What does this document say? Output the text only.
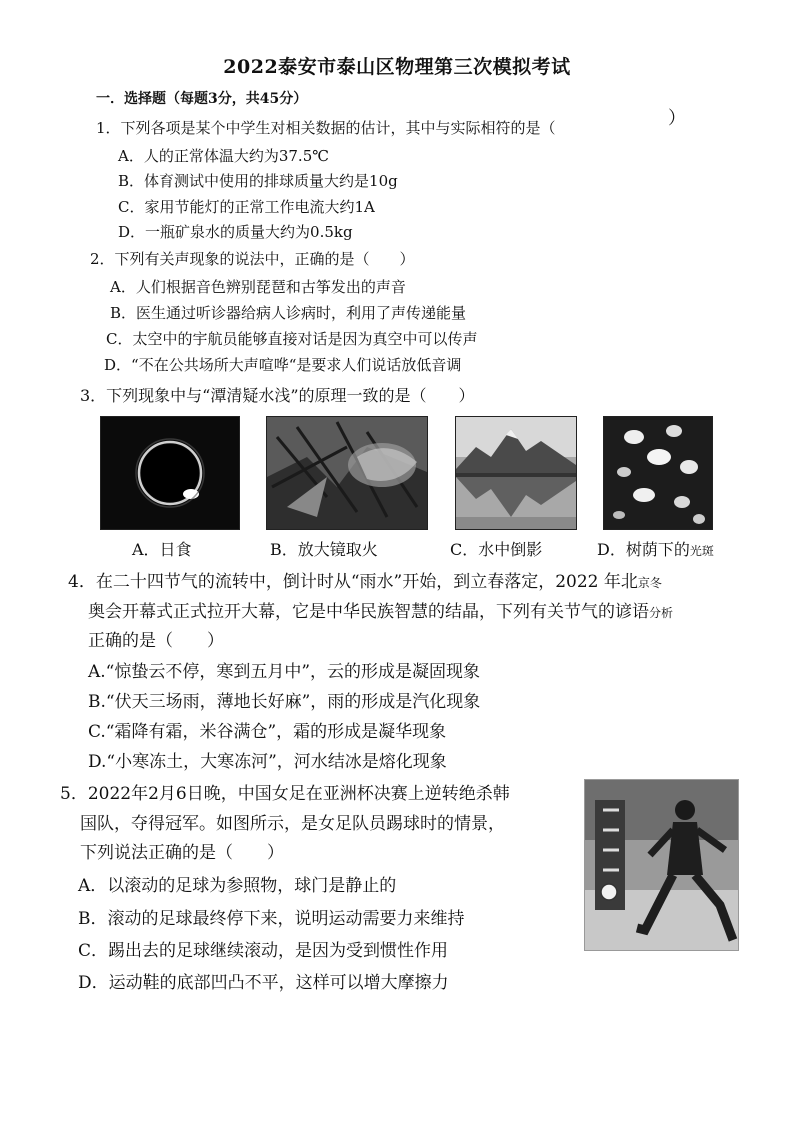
2022泰安市泰山区物理第三次模拟考试
一．选择题（每题3分，共45分）
）
1．下列各项是某个中学生对相关数据的估计，其中与实际相符的是（
A．人的正常体温大约为37.5℃
B．体育测试中使用的排球质量大约是10g
C．家用节能灯的正常工作电流大约1A
D．一瓶矿泉水的质量大约为0.5kg
2．下列有关声现象的说法中，正确的是（　　）
A．人们根据音色辨别琵琶和古筝发出的声音
B．医生通过听诊器给病人诊病时，利用了声传递能量
C．太空中的宇航员能够直接对话是因为真空中可以传声
D．“不在公共场所大声喧哗“是要求人们说话放低音调
3．下列现象中与“潭清疑水浅”的原理一致的是（　　）
A．日食	B．放大镜取火	C．水中倒影	D．树荫下的光斑
4．在二十四节气的流转中，倒计时从“雨水”开始，到立春落定，2022 年北京冬
奥会开幕式正式拉开大幕，它是中华民族智慧的结晶，下列有关节气的谚语分析
正确的是（　　）
A.“惊蛰云不停，寒到五月中”，云的形成是凝固现象
B.“伏天三场雨，薄地长好麻”，雨的形成是汽化现象
C.“霜降有霜，米谷满仓”，霜的形成是凝华现象
D.“小寒冻土，大寒冻河”，河水结冰是熔化现象
5．2022年2月6日晚，中国女足在亚洲杯决赛上逆转绝杀韩
国队，夺得冠军。如图所示，是女足队员踢球时的情景，
下列说法正确的是（　　）
A．以滚动的足球为参照物，球门是静止的
B．滚动的足球最终停下来，说明运动需要力来维持
C．踢出去的足球继续滚动，是因为受到惯性作用
D．运动鞋的底部凹凸不平，这样可以增大摩擦力
